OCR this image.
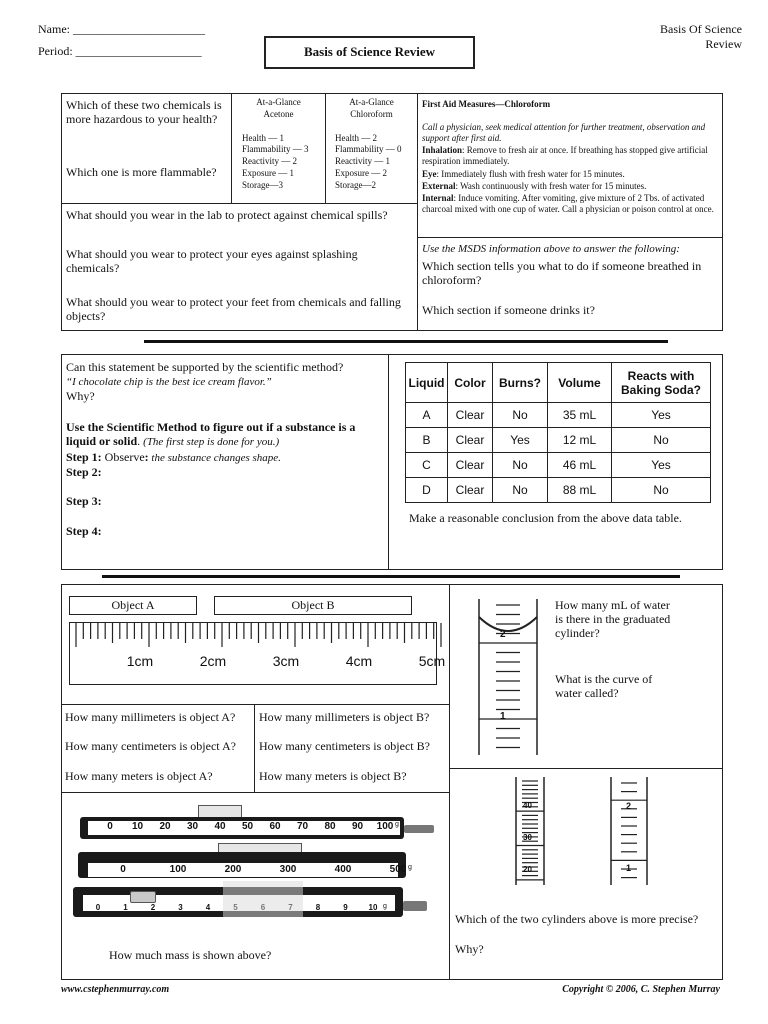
Name: ______________________
Period: _____________________	Basis of Science Review
Basis Of Science
Review
Which of these two chemicals is more hazardous to your health?
Which one is more flammable?
At-a-Glance
Acetone
Health — 1
Flammability — 3
Reactivity — 2
Exposure — 1
Storage—3
At-a-Glance
Chloroform
Health — 2
Flammability — 0
Reactivity — 1
Exposure — 2
Storage—2
First Aid Measures—Chloroform
Call a physician, seek medical attention for further treatment, observation and support after first aid.
Inhalation: Remove to fresh air at once. If breathing has stopped give artificial respiration immediately.
Eye: Immediately flush with fresh water for 15 minutes.
External: Wash continuously with fresh water for 15 minutes.
Internal: Induce vomiting. After vomiting, give mixture of 2 Tbs. of activated charcoal mixed with one cup of water. Call a physician or poison control at once.
What should you wear in the lab to protect against chemical spills?
What should you wear to protect your eyes against splashing chemicals?
What should you wear to protect your feet from chemicals and falling objects?
Use the MSDS information above to answer the following:
Which section tells you what to do if someone breathed in chloroform?
Which section if someone drinks it?
Can this statement be supported by the scientific method?
“I chocolate chip is the best ice cream flavor.”
Why?
Use the Scientific Method to figure out if a substance is a liquid or solid. (The first step is done for you.)
Step 1: Observe: the substance changes shape.
Step 2:
Step 3:
Step 4:
Liquid	Color	Burns?	Volume	Reacts with Baking Soda?
A	Clear	No	35 mL	Yes
B	Clear	Yes	12 mL	No
C	Clear	No	46 mL	Yes
D	Clear	No	88 mL	No
Make a reasonable conclusion from the above data table.
Object A	Object B
1cm	2cm	3cm	4cm	5cm
How many millimeters is object A? How many millimeters is object B?
How many centimeters is object A? How many centimeters is object B?
How many meters is object A?	How many meters is object B?
2
1
How many mL of water is there in the graduated cylinder?
What is the curve of water called?
40
30
20
2
1
Which of the two cylinders above is more precise?
Why?
0 10 20 30 40 50 60 70 80 90 100 g
0	100	200	300	400	500 g
0	1	2	3	4	8	9	10 g
How much mass is shown above?
www.cstephenmurray.com	Copyright © 2006, C. Stephen Murray
